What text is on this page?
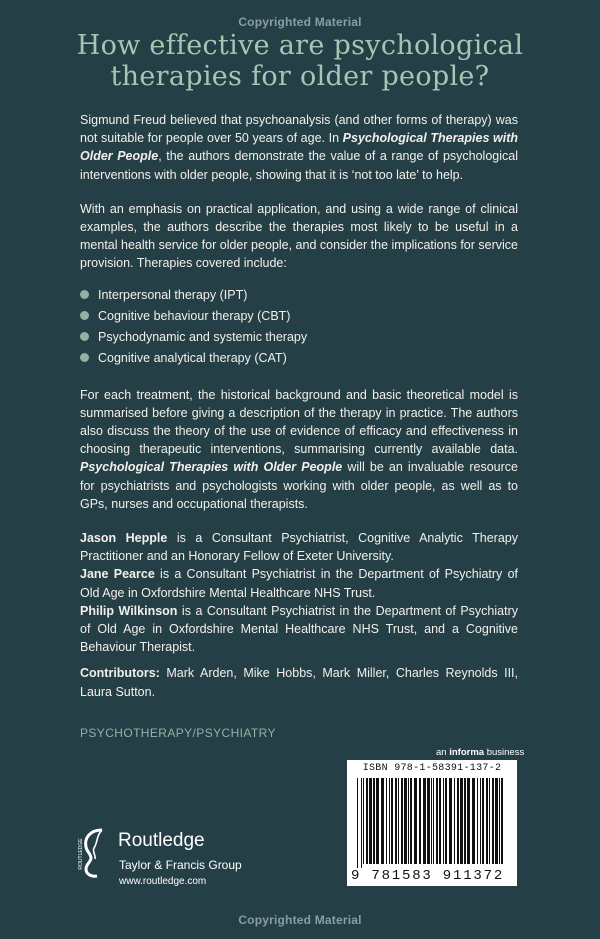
Copyrighted Material
How effective are psychological
therapies for older people?

Sigmund Freud believed that psychoanalysis (and other forms of therapy) was not suitable for people over 50 years of age. In Psychological Therapies with Older People, the authors demonstrate the value of a range of psychological interventions with older people, showing that it is ‘not too late’ to help.

With an emphasis on practical application, and using a wide range of clinical examples, the authors describe the therapies most likely to be useful in a mental health service for older people, and consider the implications for service provision. Therapies covered include:

Interpersonal therapy (IPT)
Cognitive behaviour therapy (CBT)
Psychodynamic and systemic therapy
Cognitive analytical therapy (CAT)

For each treatment, the historical background and basic theoretical model is summarised before giving a description of the therapy in practice. The authors also discuss the theory of the use of evidence of efficacy and effectiveness in choosing therapeutic interventions, summarising currently available data. Psychological Therapies with Older People will be an invaluable resource for psychiatrists and psychologists working with older people, as well as to GPs, nurses and occupational therapists.

Jason Hepple is a Consultant Psychiatrist, Cognitive Analytic Therapy Practitioner and an Honorary Fellow of Exeter University.
Jane Pearce is a Consultant Psychiatrist in the Department of Psychiatry of Old Age in Oxfordshire Mental Healthcare NHS Trust.
Philip Wilkinson is a Consultant Psychiatrist in the Department of Psychiatry of Old Age in Oxfordshire Mental Healthcare NHS Trust, and a Cognitive Behaviour Therapist.

Contributors: Mark Arden, Mike Hobbs, Mark Miller, Charles Reynolds III, Laura Sutton.

PSYCHOTHERAPY/PSYCHIATRY
an informa business
ISBN 978-1-58391-137-2
9 781583 911372
ROUTLEDGE Routledge
Taylor & Francis Group
www.routledge.com
Copyrighted Material
